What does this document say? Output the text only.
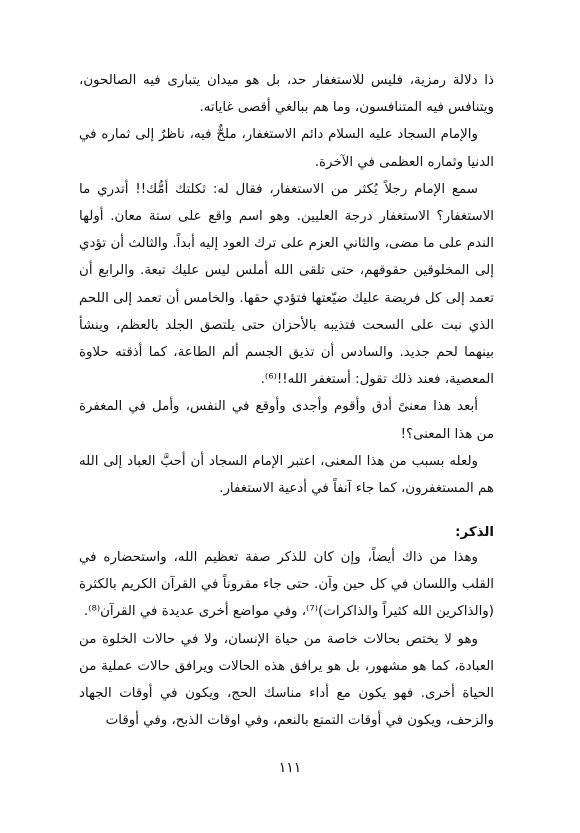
ذا دلالة رمزية، فليس للاستغفار حد، بل هو ميدان يتبارى فيه الصالحون، ويتنافس فيه المتنافسون، وما هم ببالغي أقصى غاياته.

والإمام السجاد عليه السلام دائم الاستغفار، ملحٌّ فيه، ناظرٌ إلى ثماره في الدنيا وثماره العظمى في الآخرة.

سمع الإمام رجلاً يُكثر من الاستغفار، فقال له: ثكلتك أمُّك!! أتدري ما الاستغفار؟ الاستغفار درجة العليين. وهو اسم واقع على ستة معان. أولها الندم على ما مضى، والثاني العزم على ترك العود إليه أبداً. والثالث أن تؤدي إلى المخلوقين حقوقهم، حتى تلقى الله أملس ليس عليك تبعة. والرابع أن تعمد إلى كل فريضة عليك ضيّعتها فتؤدي حقها. والخامس أن تعمد إلى اللحم الذي نبت على السحت فتذيبه بالأحزان حتى يلتصق الجلد بالعظم، وينشأ بينهما لحم جديد. والسادس أن تذيق الجسم ألم الطاعة، كما أذقته حلاوة المعصية، فعند ذلك تقول: أستغفر الله!!⁽⁶⁾.

أبعد هذا معنىً أدق وأقوم وأجدى وأوقع في النفس، وأمل في المغفرة من هذا المعنى؟!

ولعله بسبب من هذا المعنى، اعتبر الإمام السجاد أن أحبَّ العباد إلى الله هم المستغفرون، كما جاء آنفاً في أدعية الاستغفار.

الذكر:

وهذا من ذاك أيضاً، وإن كان للذكر صفة تعظيم الله، واستحضاره في القلب واللسان في كل حين وآن. حتى جاء مقروناً في القرآن الكريم بالكثرة (والذاكرين الله كثيراً والذاكرات)⁽⁷⁾، وفي مواضع أخرى عديدة في القرآن⁽⁸⁾.

وهو لا يختص بحالات خاصة من حياة الإنسان، ولا في حالات الخلوة من العبادة، كما هو مشهور، بل هو يرافق هذه الحالات ويرافق حالات عملية من الحياة أخرى. فهو يكون مع أداء مناسك الحج، ويكون في أوقات الجهاد والزحف، ويكون في أوقات التمتع بالنعم، وفي اوقات الذبح، وفي أوقات

١١١
